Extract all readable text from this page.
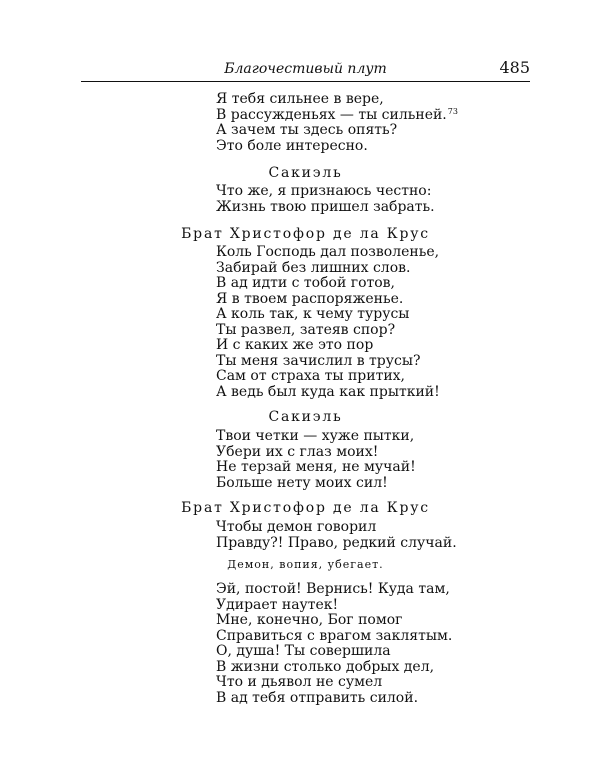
Благочестивый плут	485
Я тебя сильнее в вере,
В рассужденьях — ты сильней.$^{73}$
А зачем ты здесь опять?
Это боле интересно.
Сакиэль
Что же, я признаюсь честно:
Жизнь твою пришел забрать.
Брат Христофор де ла Крус
Коль Господь дал позволенье,
Забирай без лишних слов.
В ад идти с тобой готов,
Я в твоем распоряженье.
А коль так, к чему турусы
Ты развел, затеяв спор?
И с каких же это пор
Ты меня зачислил в трусы?
Сам от страха ты притих,
А ведь был куда как прыткий!
Сакиэль
Твои четки — хуже пытки,
Убери их с глаз моих!
Не терзай меня, не мучай!
Больше нету моих сил!
Брат Христофор де ла Крус
Чтобы демон говорил
Правду?! Право, редкий случай.
Демон, вопия, убегает.
Эй, постой! Вернись! Куда там,
Удирает наутек!
Мне, конечно, Бог помог
Справиться с врагом заклятым.
О, душа! Ты совершила
В жизни столько добрых дел,
Что и дьявол не сумел
В ад тебя отправить силой.
